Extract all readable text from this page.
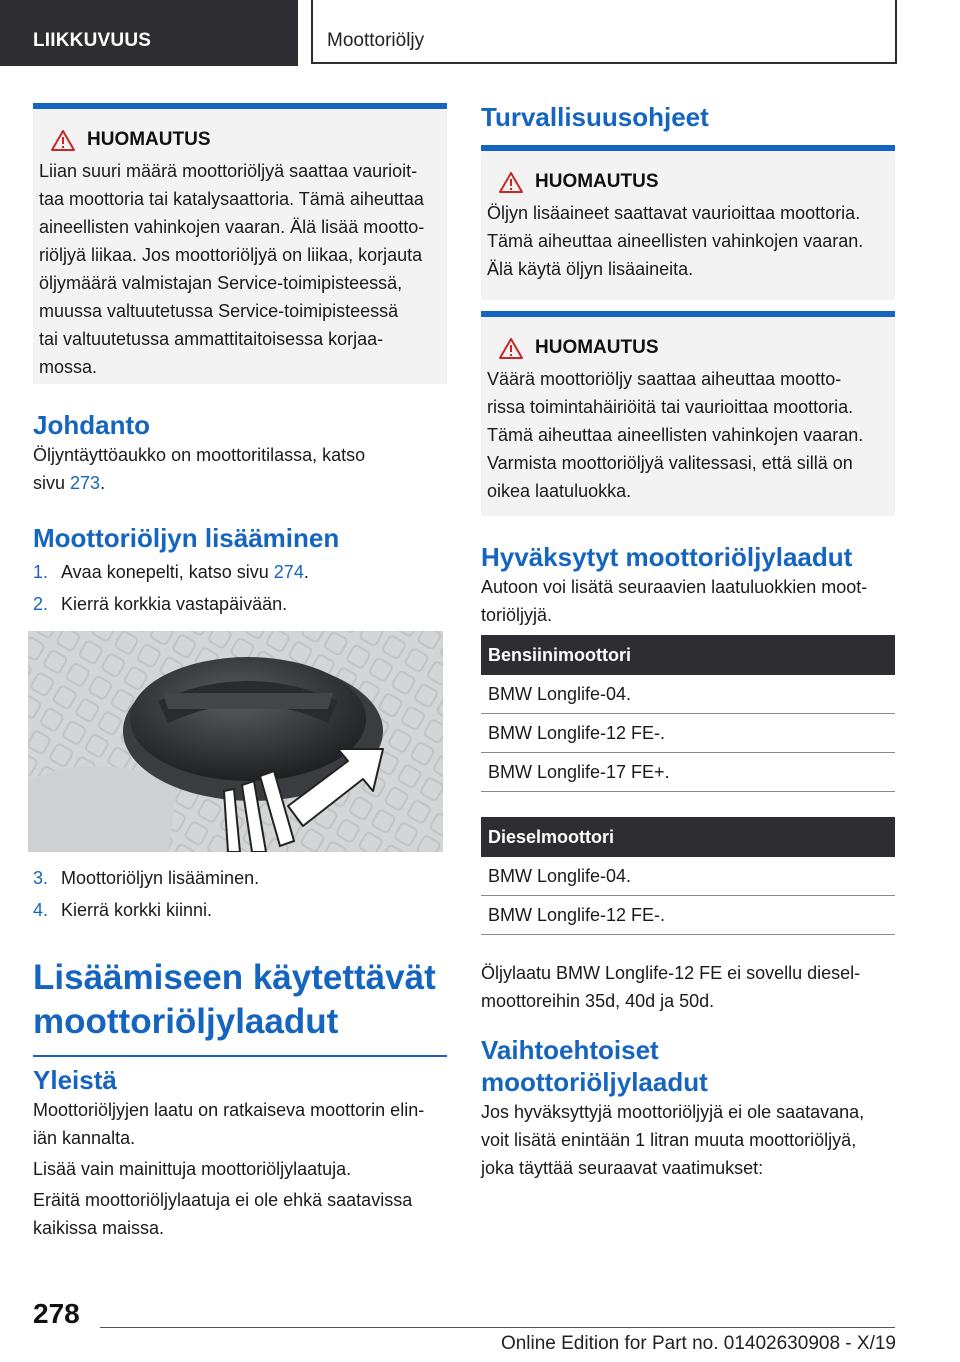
LIIKKUVUUS	Moottoriöljy
HUOMAUTUS

Liian suuri määrä moottoriöljyä saattaa vaurioit-
taa moottoria tai katalysaattoria. Tämä aiheuttaa
aineellisten vahinkojen vaaran. Älä lisää mootto-
riöljyä liikaa. Jos moottoriöljyä on liikaa, korjauta
öljymäärä valmistajan Service-toimipisteessä,
muussa valtuutetussa Service-toimipisteessä
tai valtuutetussa ammattitaitoisessa korjaa-
mossa.

Johdanto

Öljyntäyttöaukko on moottoritilassa, katso
sivu 273.

Moottoriöljyn lisääminen
1. Avaa konepelti, katso sivu 274.
2. Kierrä korkkia vastapäivään.
3. Moottoriöljyn lisääminen.
4. Kierrä korkki kiinni.
Lisäämiseen käytettävät
moottoriöljylaadut
Yleistä

Moottoriöljyjen laatu on ratkaiseva moottorin elin-
iän kannalta.

Lisää vain mainittuja moottoriöljylaatuja.

Eräitä moottoriöljylaatuja ei ole ehkä saatavissa
kaikissa maissa.

Turvallisuusohjeet
HUOMAUTUS

Öljyn lisäaineet saattavat vaurioittaa moottoria.
Tämä aiheuttaa aineellisten vahinkojen vaaran.
Älä käytä öljyn lisäaineita.

HUOMAUTUS

Väärä moottoriöljy saattaa aiheuttaa mootto-
rissa toimintahäiriöitä tai vaurioittaa moottoria.
Tämä aiheuttaa aineellisten vahinkojen vaaran.
Varmista moottoriöljyä valitessasi, että sillä on
oikea laatuluokka.

Hyväksytyt moottoriöljylaadut

Autoon voi lisätä seuraavien laatuluokkien moot-
toriöljyjä.

Bensiinimoottori
BMW Longlife-04.
BMW Longlife-12 FE-.
BMW Longlife-17 FE+.
Dieselmoottori
BMW Longlife-04.
BMW Longlife-12 FE-.

Öljylaatu BMW Longlife-12 FE ei sovellu diesel-
moottoreihin 35d, 40d ja 50d.

Vaihtoehtoiset
moottoriöljylaadut

Jos hyväksyttyjä moottoriöljyjä ei ole saatavana,
voit lisätä enintään 1 litran muuta moottoriöljyä,
joka täyttää seuraavat vaatimukset:

278
Online Edition for Part no. 01402630908 - X/19
